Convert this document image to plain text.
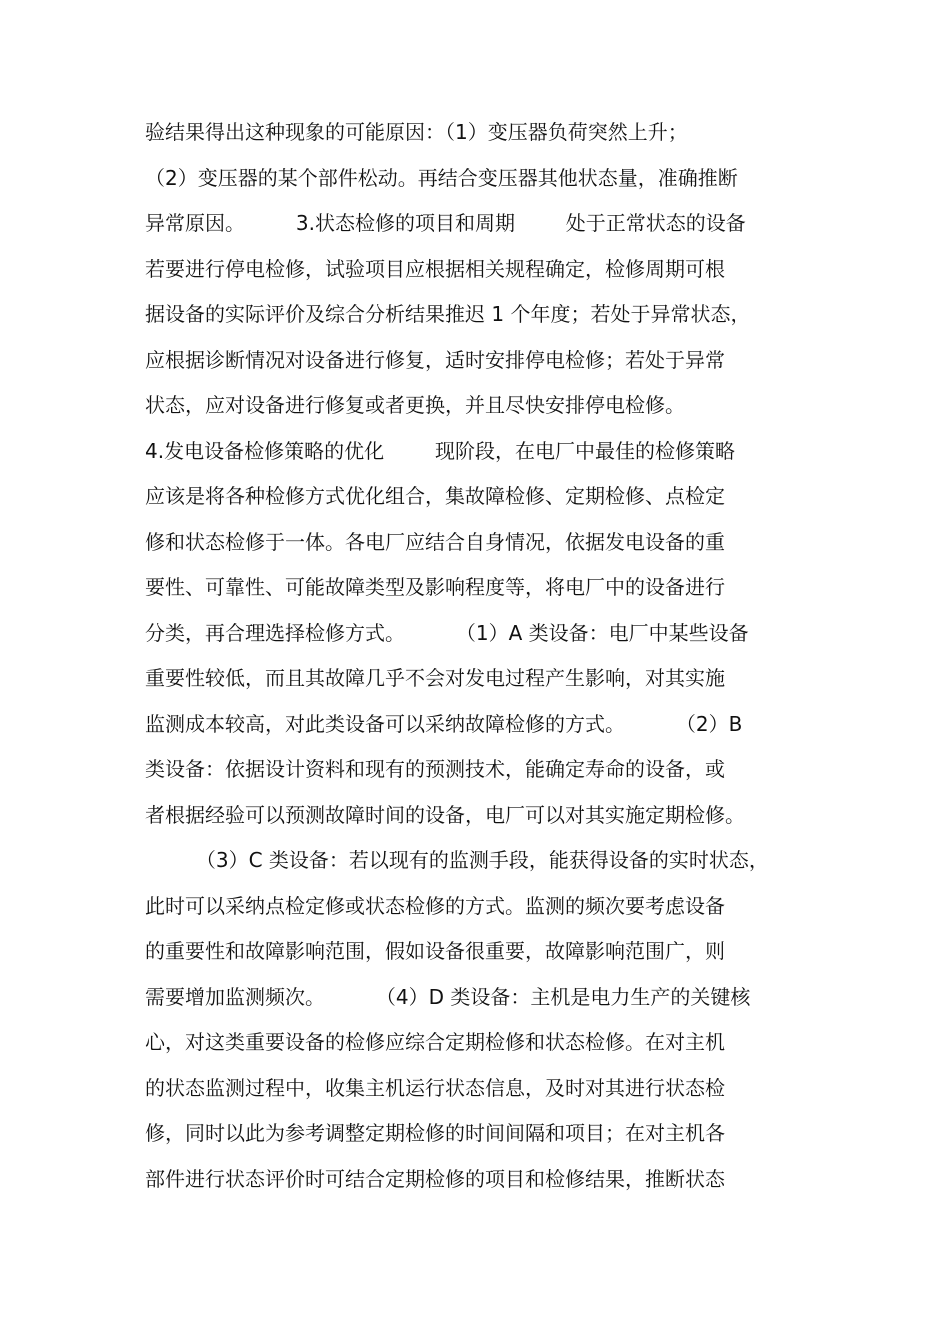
验结果得出这种现象的可能原因：（1）变压器负荷突然上升；
（2）变压器的某个部件松动。再结合变压器其他状态量，准确推断
异常原因。        3.状态检修的项目和周期        处于正常状态的设备
若要进行停电检修，试验项目应根据相关规程确定，检修周期可根
据设备的实际评价及综合分析结果推迟 1 个年度；若处于异常状态，
应根据诊断情况对设备进行修复，适时安排停电检修；若处于异常
状态，应对设备进行修复或者更换，并且尽快安排停电检修。
4.发电设备检修策略的优化        现阶段，在电厂中最佳的检修策略
应该是将各种检修方式优化组合，集故障检修、定期检修、点检定
修和状态检修于一体。各电厂应结合自身情况，依据发电设备的重
要性、可靠性、可能故障类型及影响程度等，将电厂中的设备进行
分类，再合理选择检修方式。        （1）A 类设备：电厂中某些设备
重要性较低，而且其故障几乎不会对发电过程产生影响，对其实施
监测成本较高，对此类设备可以采纳故障检修的方式。        （2）B
类设备：依据设计资料和现有的预测技术，能确定寿命的设备，或
者根据经验可以预测故障时间的设备，电厂可以对其实施定期检修。
（3）C 类设备：若以现有的监测手段，能获得设备的实时状态，
此时可以采纳点检定修或状态检修的方式。监测的频次要考虑设备
的重要性和故障影响范围，假如设备很重要，故障影响范围广，则
需要增加监测频次。        （4）D 类设备：主机是电力生产的关键核
心，对这类重要设备的检修应综合定期检修和状态检修。在对主机
的状态监测过程中，收集主机运行状态信息，及时对其进行状态检
修，同时以此为参考调整定期检修的时间间隔和项目；在对主机各
部件进行状态评价时可结合定期检修的项目和检修结果，推断状态
